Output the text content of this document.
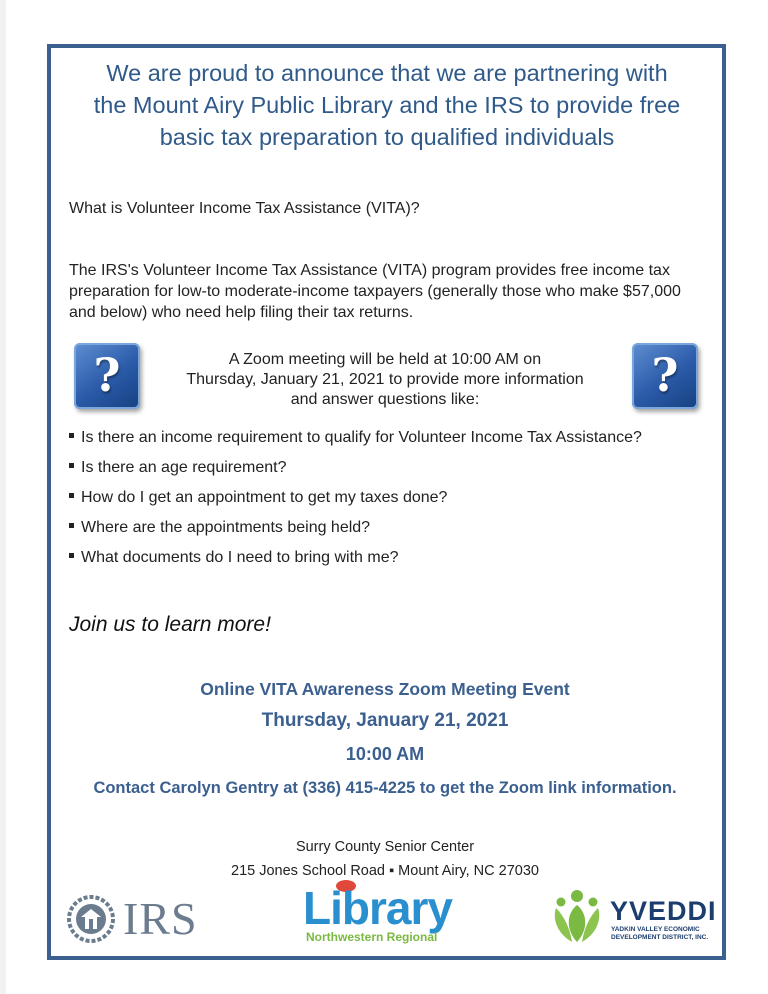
We are proud to announce that we are partnering with
the Mount Airy Public Library and the IRS to provide free
basic tax preparation to qualified individuals
What is Volunteer Income Tax Assistance (VITA)?
The IRS's Volunteer Income Tax Assistance (VITA) program provides free income tax
preparation for low-to moderate-income taxpayers (generally those who make $57,000
and below) who need help filing their tax returns.
?	?
A Zoom meeting will be held at 10:00 AM on
Thursday, January 21, 2021 to provide more information
and answer questions like:
Is there an income requirement to qualify for Volunteer Income Tax Assistance?
Is there an age requirement?
How do I get an appointment to get my taxes done?
Where are the appointments being held?
What documents do I need to bring with me?
Join us to learn more!
Online VITA Awareness Zoom Meeting Event
Thursday, January 21, 2021
10:00 AM
Contact Carolyn Gentry at (336) 415-4225 to get the Zoom link information.
Surry County Senior Center
215 Jones School Road ▪ Mount Airy, NC 27030
IRS Library
Northwestern Regional
YVEDDI
YADKIN VALLEY ECONOMIC
DEVELOPMENT DISTRICT, INC.
